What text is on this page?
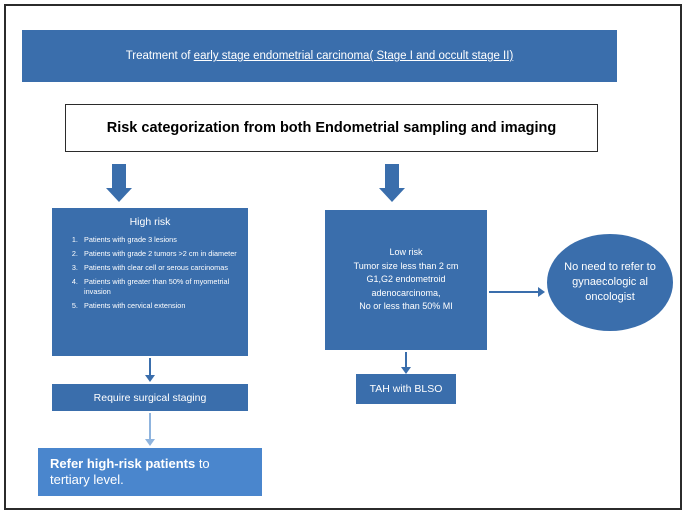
Treatment of early stage endometrial carcinoma( Stage I and occult stage II)
Risk categorization from both Endometrial sampling and imaging
High risk
1. Patients with grade 3 lesions
2. Patients with grade 2 tumors >2 cm in diameter
3. Patients with clear cell or serous carcinomas
4. Patients with greater than 50% of myometrial invasion
5. Patients with cervical extension
Low risk
Tumor size less than 2 cm
G1,G2 endometroid
adenocarcinoma,
No or less than 50% MI
No need to refer to gynaecologic al oncologist
Require surgical staging
TAH with BLSO
Refer high-risk patients to tertiary level.
